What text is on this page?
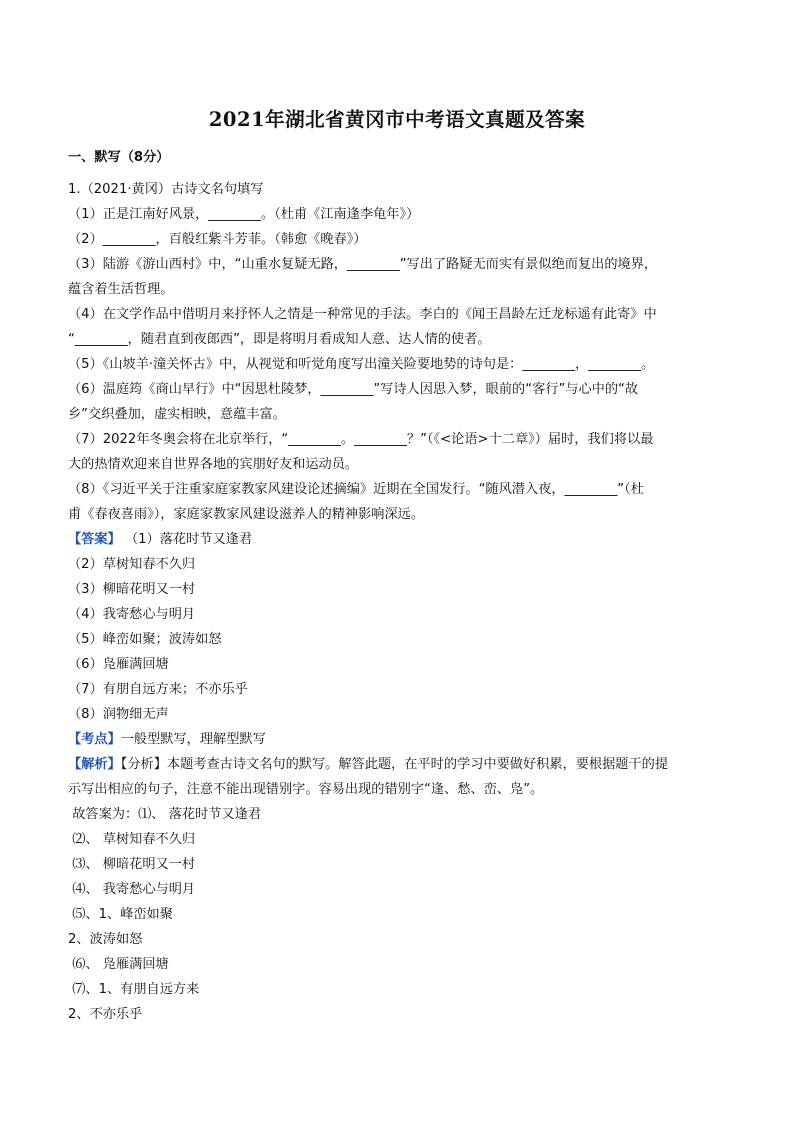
2021年湖北省黄冈市中考语文真题及答案
一、默写（8分）
1.（2021·黄冈）古诗文名句填写
（1）正是江南好风景，________。（杜甫《江南逢李龟年》）
（2）________，百般红紫斗芳菲。（韩愈《晚春》）
（3）陆游《游山西村》中，“山重水复疑无路，________”写出了路疑无而实有景似绝而复出的境界，
蕴含着生活哲理。
（4）在文学作品中借明月来抒怀人之情是一种常见的手法。李白的《闻王昌龄左迁龙标遥有此寄》中
“________，随君直到夜郎西”，即是将明月看成知人意、达人情的使者。
（5）《山坡羊·潼关怀古》中，从视觉和听觉角度写出潼关险要地势的诗句是：________，________。
（6）温庭筠《商山早行》中“因思杜陵梦，________”写诗人因思入梦，眼前的“客行”与心中的“故
乡”交织叠加，虚实相映，意蕴丰富。
（7）2022年冬奥会将在北京举行，“________。________？”（《<论语>十二章》）届时，我们将以最
大的热情欢迎来自世界各地的宾朋好友和运动员。
（8）《习近平关于注重家庭家教家风建设论述摘编》近期在全国发行。“随风潜入夜，________”（杜
甫《春夜喜雨》），家庭家教家风建设滋养人的精神影响深远。
【答案】 （1）落花时节又逢君
（2）草树知春不久归
（3）柳暗花明又一村
（4）我寄愁心与明月
（5）峰峦如聚；波涛如怒
（6）凫雁满回塘
（7）有朋自远方来；不亦乐乎
（8）润物细无声
【考点】一般型默写，理解型默写
【解析】【分析】本题考查古诗文名句的默写。解答此题，在平时的学习中要做好积累，要根据题干的提
示写出相应的句子，注意不能出现错别字。容易出现的错别字“逢、愁、峦、凫”。
故答案为：⑴、 落花时节又逢君
⑵、 草树知春不久归
⑶、 柳暗花明又一村
⑷、 我寄愁心与明月
⑸、1、峰峦如聚
2、波涛如怒
⑹、 凫雁满回塘
⑺、1、有朋自远方来
2、不亦乐乎
